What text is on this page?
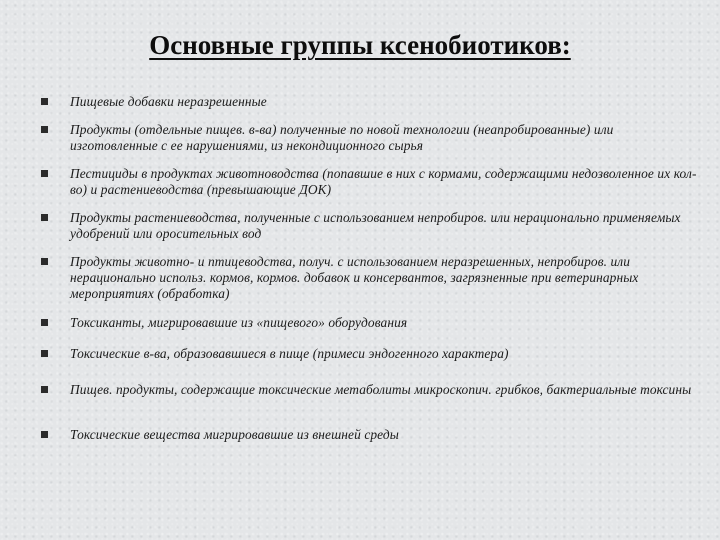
Основные группы ксенобиотиков:
Пищевые добавки неразрешенные
Продукты (отдельные пищев. в-ва) полученные по новой технологии (неапробированные) или изготовленные с ее нарушениями, из некондиционного сырья
Пестициды в продуктах животноводства (попавшие в них с кормами, содержащими недозволенное их кол-во) и растениеводства (превышающие ДОК)
Продукты растениеводства, полученные с использованием непробиров. или нерационально применяемых удобрений или оросительных вод
Продукты животно- и птицеводства, получ. с использованием неразрешенных, непробиров. или нерационально использ. кормов, кормов. добавок и консервантов, загрязненные при ветеринарных мероприятиях (обработка)
Токсиканты, мигрировавшие из «пищевого» оборудования
Токсические в-ва, образовавшиеся в пище (примеси эндогенного характера)
Пищев. продукты, содержащие токсические метаболиты микроскопич. грибков, бактериальные токсины
Токсические вещества мигрировавшие из внешней среды
